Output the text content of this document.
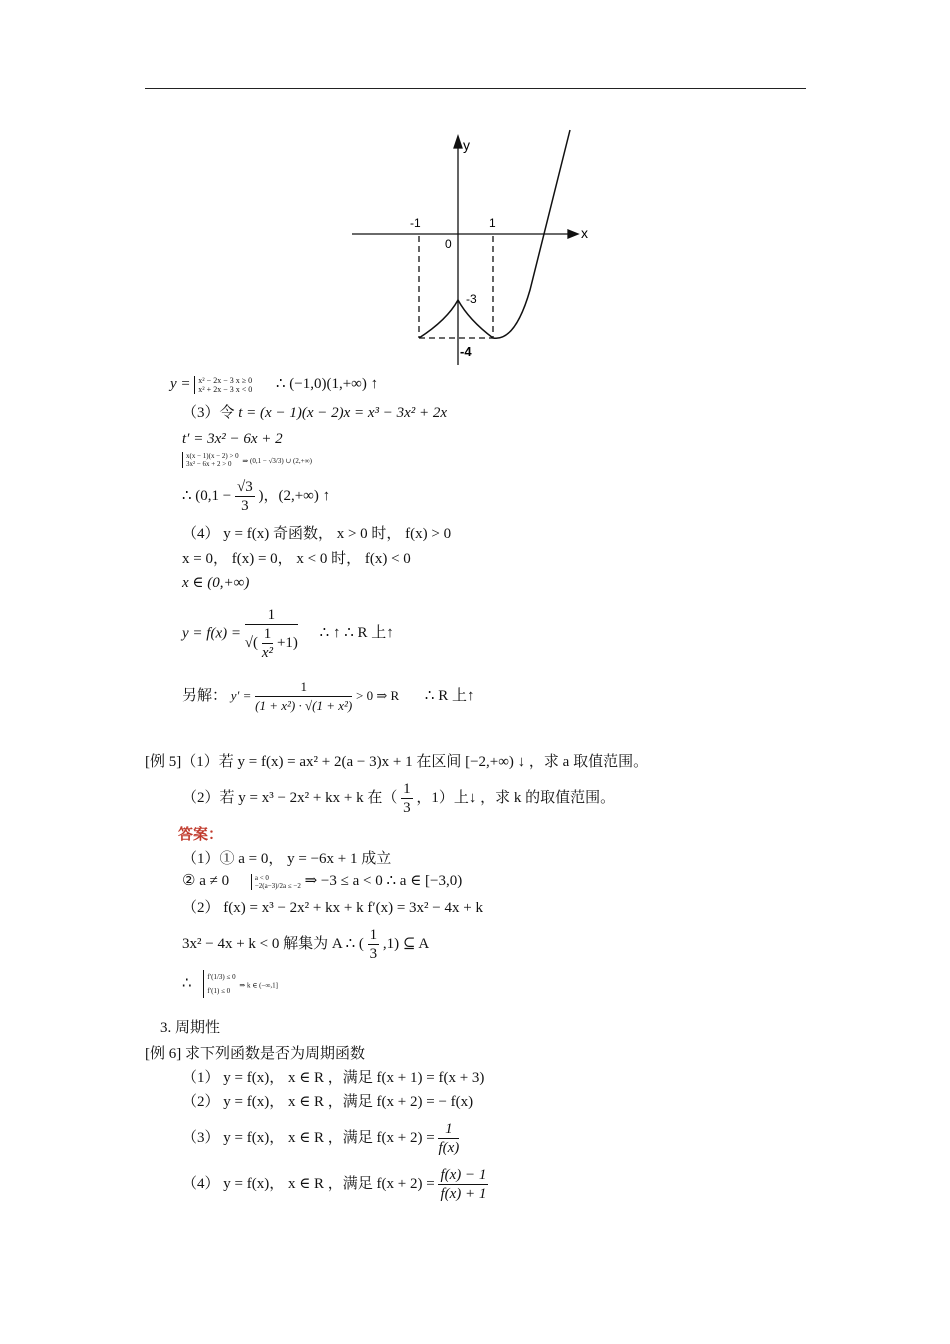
y
x
-1	1
0
-3
-4
y = x² − 2x − 3 x ≥ 0
x² + 2x − 3 x < 0 ∴ (−1,0)(1,+∞) ↑
（3）令 t = (x − 1)(x − 2)x = x³ − 3x² + 2x
t′ = 3x² − 6x + 2
x(x − 1)(x − 2) > 0
3x² − 6x + 2 > 0	⇒ (0,1 − √3/3) ∪ (2,+∞)
∴ ($0,1 - \frac{√3}{3}$ )，(2,+∞) ↑
（4） y = f(x) 奇函数， x > 0 时， f(x) > 0
x = 0， f(x) = 0， x < 0 时， f(x) < 0
x ∈ (0,+∞)
$y = f(x) = \frac{1}{√( \frac{1}{\text{x²}} +1)}$ ∴ ↑ ∴ R 上↑
另解： $y' = \frac{1}{\text{(1 + x²) · √(1 + x²)}} > 0$ ⇒ R ∴ R 上↑
[例 5]（1）若 y = f(x) = ax² + 2(a − 3)x + 1 在区间 [−2,+∞) ↓ ，求 a 取值范围。
（2）若 y = x³ − 2x² + kx + k 在（ $\frac{1}{3}$ ，1）上↓ ，求 k 的取值范围。
答案：
（1）① a = 0， y = −6x + 1 成立
② a ≠ 0	a < 0
−2(a−3)/2a ≤ −2 ⇒ −3 ≤ a < 0 ∴ a ∈ [−3,0)
（2） f(x) = x³ − 2x² + kx + k f′(x) = 3x² − 4x + k
3x² − 4x + k < 0 解集为 A ∴ ( $\frac{1}{3} ,1$) ⊆ A
∴ f′(1/3) ≤ 0
f′(1) ≤ 0
⇒ k ∈ (−∞,1]
3. 周期性
[例 6] 求下列函数是否为周期函数
（1） y = f(x)， x ∈ R ，满足 f(x + 1) = f(x + 3)
（2） y = f(x)， x ∈ R ，满足 f(x + 2) = − f(x)
（3） y = f(x)， x ∈ R ，满足 $f(x + 2) = \frac{1}{f(x)}$
（4） y = f(x)， x ∈ R ，满足 $f(x + 2) = \frac{f(x) - 1}{f(x) + 1}$
